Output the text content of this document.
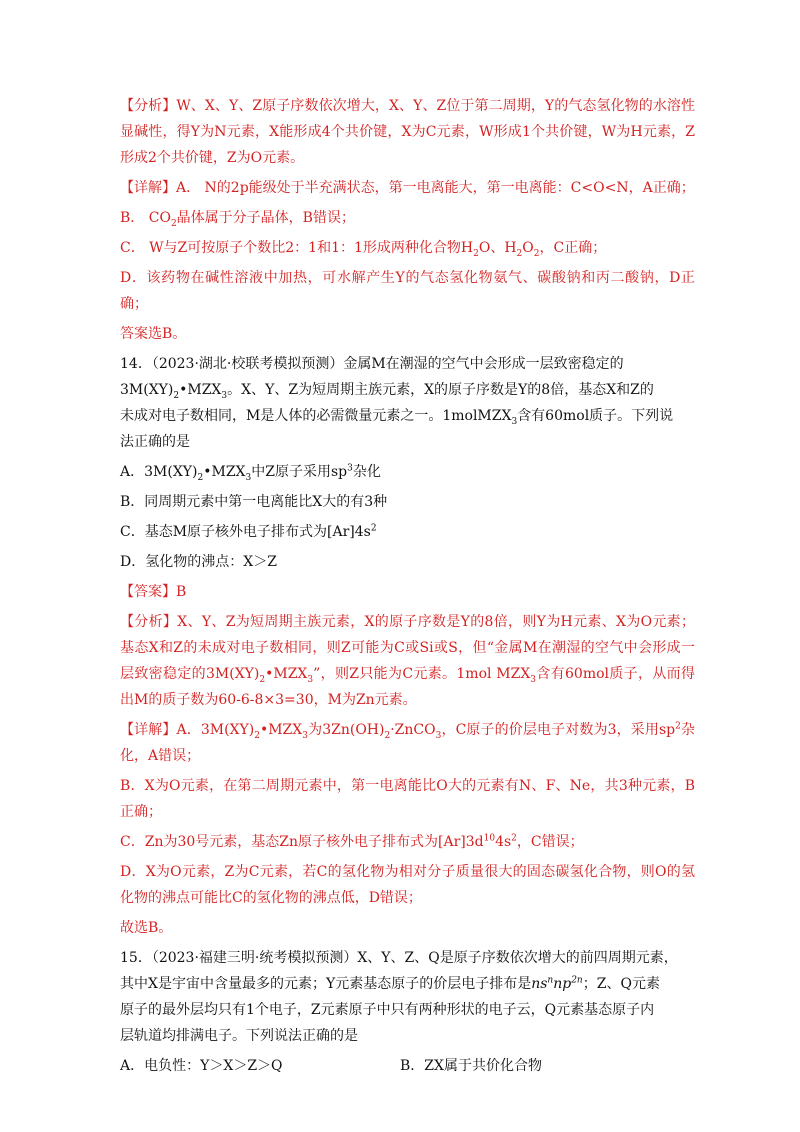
【分析】W、X、Y、Z原子序数依次增大，X、Y、Z位于第二周期，Y的气态氢化物的水溶性显碱性，得Y为N元素，X能形成4个共价键，X为C元素，W形成1个共价键，W为H元素，Z形成2个共价键，Z为O元素。

【详解】A． N的2p能级处于半充满状态，第一电离能大，第一电离能：C<O<N，A正确；

B． $CO_2$晶体属于分子晶体，B错误；

C． W与Z可按原子个数比2：1和1：1形成两种化合物$H_2O$、$H_2O_2$，C正确；

D．该药物在碱性溶液中加热，可水解产生Y的气态氢化物氨气、碳酸钠和丙二酸钠，D正确；

答案选B。

14．（2023·湖北·校联考模拟预测）金属M在潮湿的空气中会形成一层致密稳定的
$3M(XY)_2•MZX_3$。X、Y、Z为短周期主族元素，X的原子序数是Y的8倍，基态X和Z的
未成对电子数相同，M是人体的必需微量元素之一。1molMZX$_3$含有60mol质子。下列说
法正确的是

A．$3M(XY)_2•MZX_3$中Z原子采用$sp^3$杂化

B．同周期元素中第一电离能比X大的有3种

C．基态M原子核外电子排布式为$[Ar]4s^2$

D．氢化物的沸点：X＞Z

【答案】B

【分析】X、Y、Z为短周期主族元素，X的原子序数是Y的8倍，则Y为H元素、X为O元素；基态X和Z的未成对电子数相同，则Z可能为C或Si或S，但“金属M在潮湿的空气中会形成一层致密稳定的$3M(XY)_2•MZX_3$”，则Z只能为C元素。1mol $MZX_3$含有60mol质子，从而得出M的质子数为60-6-8×3=30，M为Zn元素。

【详解】A．$3M(XY)_2•MZX_3$为$3Zn(OH)_2\cdot ZnCO_3$，C原子的价层电子对数为3，采用$sp^2$杂化，A错误；

B．X为O元素，在第二周期元素中，第一电离能比O大的元素有N、F、Ne，共3种元素，B正确；

C．Zn为30号元素，基态Zn原子核外电子排布式为$[Ar]3d^{10}4s^2$，C错误；

D．X为O元素，Z为C元素，若C的氢化物为相对分子质量很大的固态碳氢化合物，则O的氢化物的沸点可能比C的氢化物的沸点低，D错误；

故选B。

15．（2023·福建三明·统考模拟预测）X、Y、Z、Q是原子序数依次增大的前四周期元素，
其中X是宇宙中含量最多的元素；Y元素基态原子的价层电子排布是$ns^nnp^{2n}$；Z、Q元素
原子的最外层均只有1个电子，Z元素原子中只有两种形状的电子云，Q元素基态原子内
层轨道均排满电子。下列说法正确的是

A．电负性：Y＞X＞Z＞Q	B．ZX属于共价化合物
